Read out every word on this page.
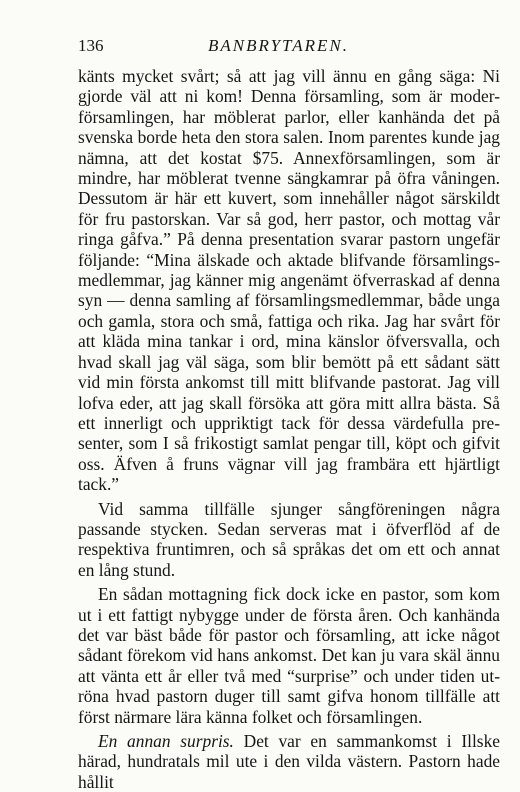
136	BANBRYTAREN.

känts mycket svårt; så att jag vill ännu en gång säga: Ni gjorde väl att ni kom! Denna församling, som är moder-församlingen, har möblerat parlor, eller kanhända det på svenska borde heta den stora salen. Inom parentes kunde jag nämna, att det kostat $75. Annexförsamlingen, som är mindre, har möblerat tvenne sängkamrar på öfra våningen. Dessutom är här ett kuvert, som innehåller något särskildt för fru pastorskan. Var så god, herr pastor, och mottag vår ringa gåfva.” På denna presentation svarar pastorn ungefär följande: “Mina älskade och aktade blifvande församlings-medlemmar, jag känner mig angenämt öfverraskad af denna syn — denna samling af församlingsmedlemmar, både unga och gamla, stora och små, fattiga och rika. Jag har svårt för att kläda mina tankar i ord, mina känslor öfversvalla, och hvad skall jag väl säga, som blir bemött på ett sådant sätt vid min första ankomst till mitt blifvande pastorat. Jag vill lofva eder, att jag skall försöka att göra mitt allra bästa. Så ett innerligt och uppriktigt tack för dessa värdefulla pre-senter, som I så frikostigt samlat pengar till, köpt och gifvit oss. Äfven å fruns vägnar vill jag frambära ett hjärtligt tack.”

Vid samma tillfälle sjunger sångföreningen några passande stycken. Sedan serveras mat i öfverflöd af de respektiva fruntimren, och så språkas det om ett och annat en lång stund.

En sådan mottagning fick dock icke en pastor, som kom ut i ett fattigt nybygge under de första åren. Och kanhända det var bäst både för pastor och församling, att icke något sådant förekom vid hans ankomst. Det kan ju vara skäl ännu att vänta ett år eller två med “surprise” och under tiden ut-röna hvad pastorn duger till samt gifva honom tillfälle att först närmare lära känna folket och församlingen.

En annan surpris. Det var en sammankomst i Illske härad, hundratals mil ute i den vilda västern. Pastorn hade hållit
